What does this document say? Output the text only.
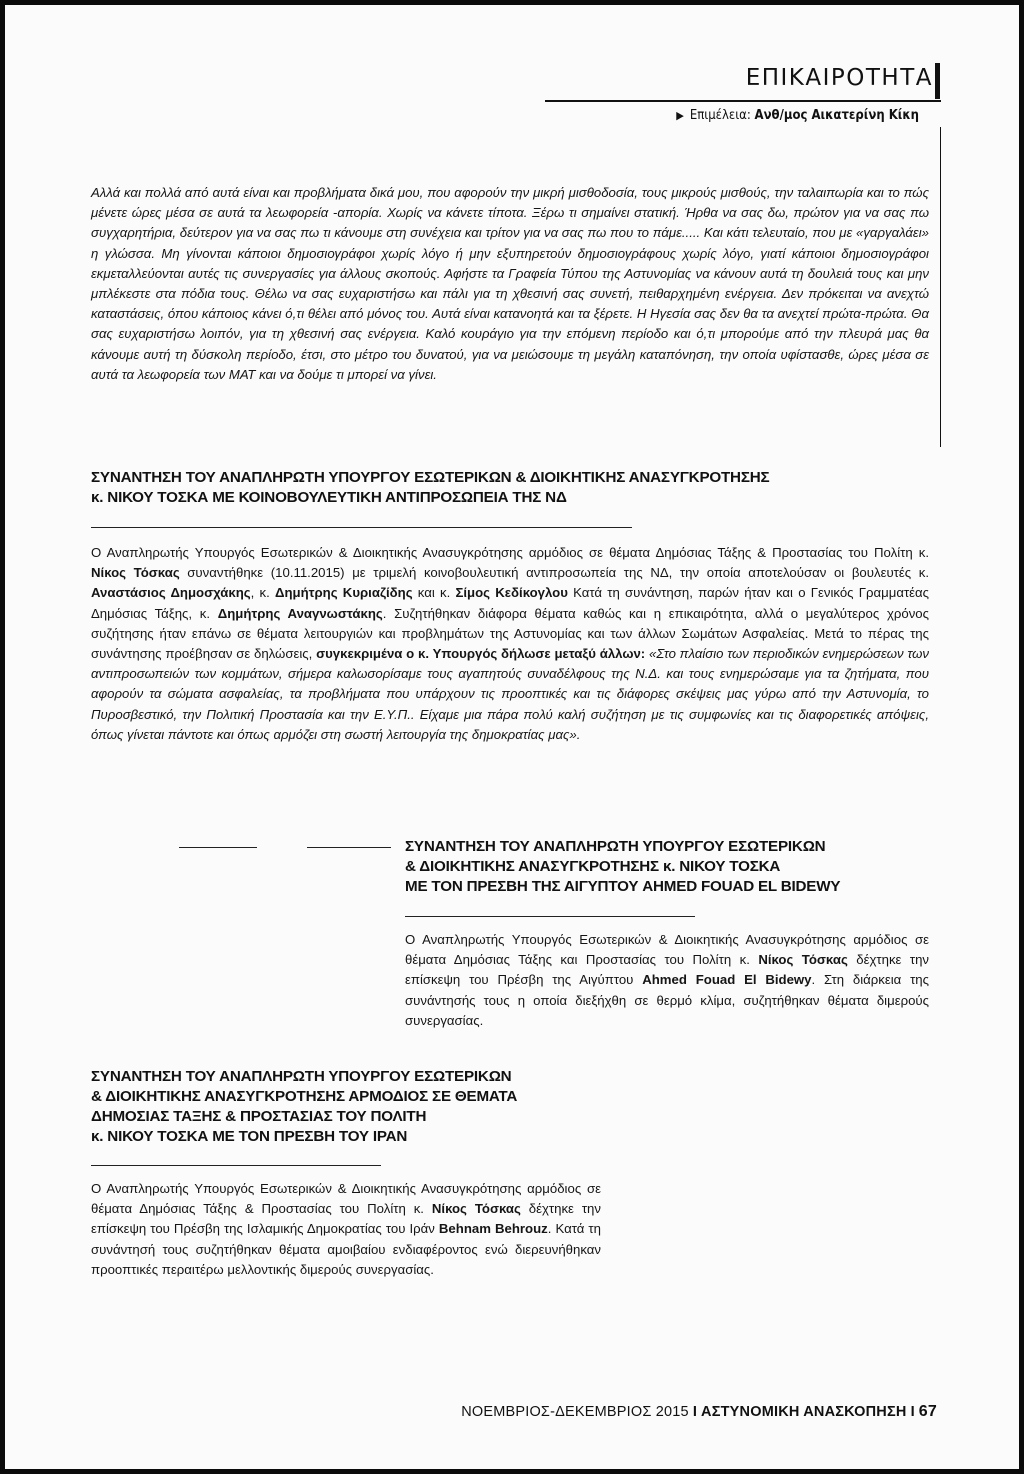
ΕΠΙΚΑΙΡΟΤΗΤΑ
▶ Επιμέλεια: Ανθ/μος Αικατερίνη Κίκη

Αλλά και πολλά από αυτά είναι και προβλήματα δικά μου, που αφορούν την μικρή μισθοδοσία, τους μικρούς μισθούς, την ταλαιπωρία και το πώς μένετε ώρες μέσα σε αυτά τα λεωφορεία -απορία. Χωρίς να κάνετε τίποτα. Ξέρω τι σημαίνει στατική. Ήρθα να σας δω, πρώτον για να σας πω συγχαρητήρια, δεύτερον για να σας πω τι κάνουμε στη συνέχεια και τρίτον για να σας πω που το πάμε..... Και κάτι τελευταίο, που με «γαργαλάει» η γλώσσα. Μη γίνονται κάποιοι δημοσιογράφοι χωρίς λόγο ή μην εξυπηρετούν δημοσιογράφους χωρίς λόγο, γιατί κάποιοι δημοσιογράφοι εκμεταλλεύονται αυτές τις συνεργασίες για άλλους σκοπούς. Αφήστε τα Γραφεία Τύπου της Αστυνομίας να κάνουν αυτά τη δουλειά τους και μην μπλέκεστε στα πόδια τους. Θέλω να σας ευχαριστήσω και πάλι για τη χθεσινή σας συνετή, πειθαρχημένη ενέργεια. Δεν πρόκειται να ανεχτώ καταστάσεις, όπου κάποιος κάνει ό,τι θέλει από μόνος του. Αυτά είναι κατανοητά και τα ξέρετε. Η Ηγεσία σας δεν θα τα ανεχτεί πρώτα-πρώτα. Θα σας ευχαριστήσω λοιπόν, για τη χθεσινή σας ενέργεια. Καλό κουράγιο για την επόμενη περίοδο και ό,τι μπορούμε από την πλευρά μας θα κάνουμε αυτή τη δύσκολη περίοδο, έτσι, στο μέτρο του δυνατού, για να μειώσουμε τη μεγάλη καταπόνηση, την οποία υφίστασθε, ώρες μέσα σε αυτά τα λεωφορεία των ΜΑΤ και να δούμε τι μπορεί να γίνει.

ΣΥΝΑΝΤΗΣΗ ΤΟΥ ΑΝΑΠΛΗΡΩΤΗ ΥΠΟΥΡΓΟΥ ΕΣΩΤΕΡΙΚΩΝ & ΔΙΟΙΚΗΤΙΚΗΣ ΑΝΑΣΥΓΚΡΟΤΗΣΗΣ
κ. ΝΙΚΟΥ ΤΟΣΚΑ ΜΕ ΚΟΙΝΟΒΟΥΛΕΥΤΙΚΗ ΑΝΤΙΠΡΟΣΩΠΕΙΑ ΤΗΣ ΝΔ

Ο Αναπληρωτής Υπουργός Εσωτερικών & Διοικητικής Ανασυγκρότησης αρμόδιος σε θέματα Δημόσιας Τάξης & Προστασίας του Πολίτη κ. Νίκος Τόσκας συναντήθηκε (10.11.2015) με τριμελή κοινοβουλευτική αντιπροσωπεία της ΝΔ, την οποία αποτελούσαν οι βουλευτές κ. Αναστάσιος Δημοσχάκης, κ. Δημήτρης Κυριαζίδης και κ. Σίμος Κεδίκογλου Κατά τη συνάντηση, παρών ήταν και ο Γενικός Γραμματέας Δημόσιας Τάξης, κ. Δημήτρης Αναγνωστάκης. Συζητήθηκαν διάφορα θέματα καθώς και η επικαιρότητα, αλλά ο μεγαλύτερος χρόνος συζήτησης ήταν επάνω σε θέματα λειτουργιών και προβλημάτων της Αστυνομίας και των άλλων Σωμάτων Ασφαλείας. Μετά το πέρας της συνάντησης προέβησαν σε δηλώσεις, συγκεκριμένα ο κ. Υπουργός δήλωσε μεταξύ άλλων: «Στο πλαίσιο των περιοδικών ενημερώσεων των αντιπροσωπειών των κομμάτων, σήμερα καλωσορίσαμε τους αγαπητούς συναδέλφους της Ν.Δ. και τους ενημερώσαμε για τα ζητήματα, που αφορούν τα σώματα ασφαλείας, τα προβλήματα που υπάρχουν τις προοπτικές και τις διάφορες σκέψεις μας γύρω από την Αστυνομία, το Πυροσβεστικό, την Πολιτική Προστασία και την Ε.Υ.Π.. Είχαμε μια πάρα πολύ καλή συζήτηση με τις συμφωνίες και τις διαφορετικές απόψεις, όπως γίνεται πάντοτε και όπως αρμόζει στη σωστή λειτουργία της δημοκρατίας μας».

ΣΥΝΑΝΤΗΣΗ ΤΟΥ ΑΝΑΠΛΗΡΩΤΗ ΥΠΟΥΡΓΟΥ ΕΣΩΤΕΡΙΚΩΝ
& ΔΙΟΙΚΗΤΙΚΗΣ ΑΝΑΣΥΓΚΡΟΤΗΣΗΣ κ. ΝΙΚΟΥ ΤΟΣΚΑ
ΜΕ ΤΟΝ ΠΡΕΣΒΗ ΤΗΣ ΑΙΓΥΠΤΟΥ AHMED FOUAD EL BIDEWY

Ο Αναπληρωτής Υπουργός Εσωτερικών & Διοικητικής Ανασυγκρότησης αρμόδιος σε θέματα Δημόσιας Τάξης και Προστασίας του Πολίτη κ. Νίκος Τόσκας δέχτηκε την επίσκεψη του Πρέσβη της Αιγύπτου Ahmed Fouad El Bidewy. Στη διάρκεια της συνάντησής τους η οποία διεξήχθη σε θερμό κλίμα, συζητήθηκαν θέματα διμερούς συνεργασίας.

ΣΥΝΑΝΤΗΣΗ ΤΟΥ ΑΝΑΠΛΗΡΩΤΗ ΥΠΟΥΡΓΟΥ ΕΣΩΤΕΡΙΚΩΝ
& ΔΙΟΙΚΗΤΙΚΗΣ ΑΝΑΣΥΓΚΡΟΤΗΣΗΣ ΑΡΜΟΔΙΟΣ ΣΕ ΘΕΜΑΤΑ
ΔΗΜΟΣΙΑΣ ΤΑΞΗΣ & ΠΡΟΣΤΑΣΙΑΣ ΤΟΥ ΠΟΛΙΤΗ
κ. ΝΙΚΟΥ ΤΟΣΚΑ ΜΕ ΤΟΝ ΠΡΕΣΒΗ ΤΟΥ ΙΡΑΝ

Ο Αναπληρωτής Υπουργός Εσωτερικών & Διοικητικής Ανασυγκρότησης αρμόδιος σε θέματα Δημόσιας Τάξης & Προστασίας του Πολίτη κ. Νίκος Τόσκας δέχτηκε την επίσκεψη του Πρέσβη της Ισλαμικής Δημοκρατίας του Ιράν Behnam Behrouz. Κατά τη συνάντησή τους συζητήθηκαν θέματα αμοιβαίου ενδιαφέροντος ενώ διερευνήθηκαν προοπτικές περαιτέρω μελλοντικής διμερούς συνεργασίας.

ΝΟΕΜΒΡΙΟΣ-ΔΕΚΕΜΒΡΙΟΣ 2015 I ΑΣΤΥΝΟΜΙΚΗ ΑΝΑΣΚΟΠΗΣΗ I 67
